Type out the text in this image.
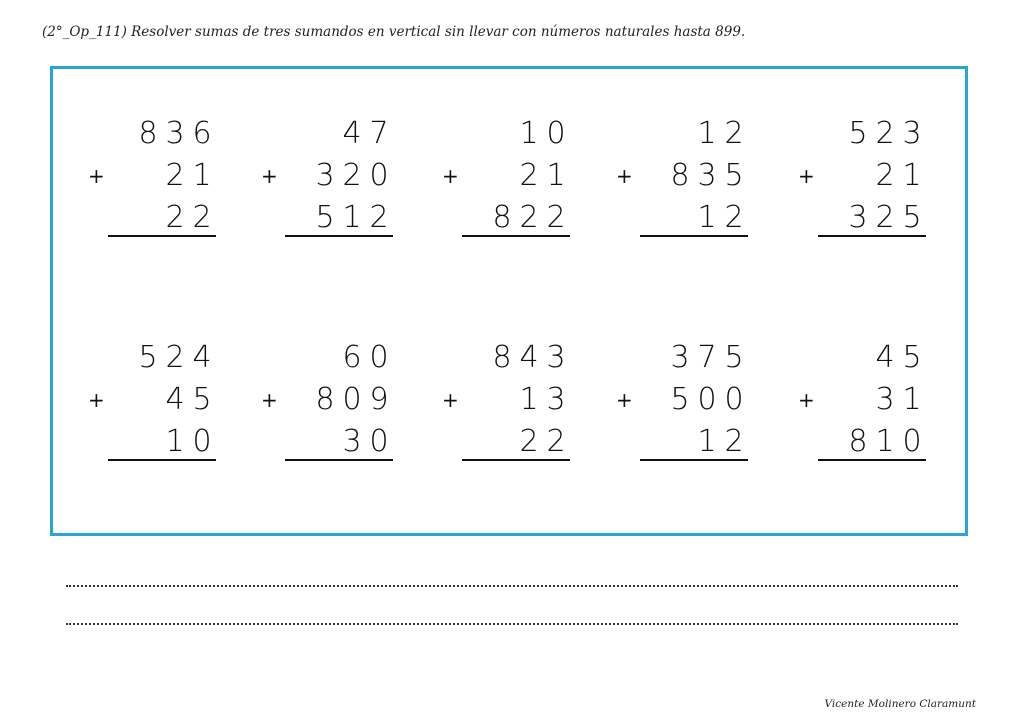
(2°_Op_111) Resolver sumas de tres sumandos en vertical sin llevar con números naturales hasta 899.
8 3 6
2 1
2 2
+
4 7
3 2 0
5 1 2
+
1 0
2 1
8 2 2
+
1 2
8 3 5
1 2
+
5 2 3
2 1
3 2 5
+
5 2 4
4 5
1 0
+
6 0
8 0 9
3 0
+
8 4 3
1 3
2 2
+
3 7 5
5 0 0
1 2
+
4 5
3 1
8 1 0
+
Vicente Molinero Claramunt
